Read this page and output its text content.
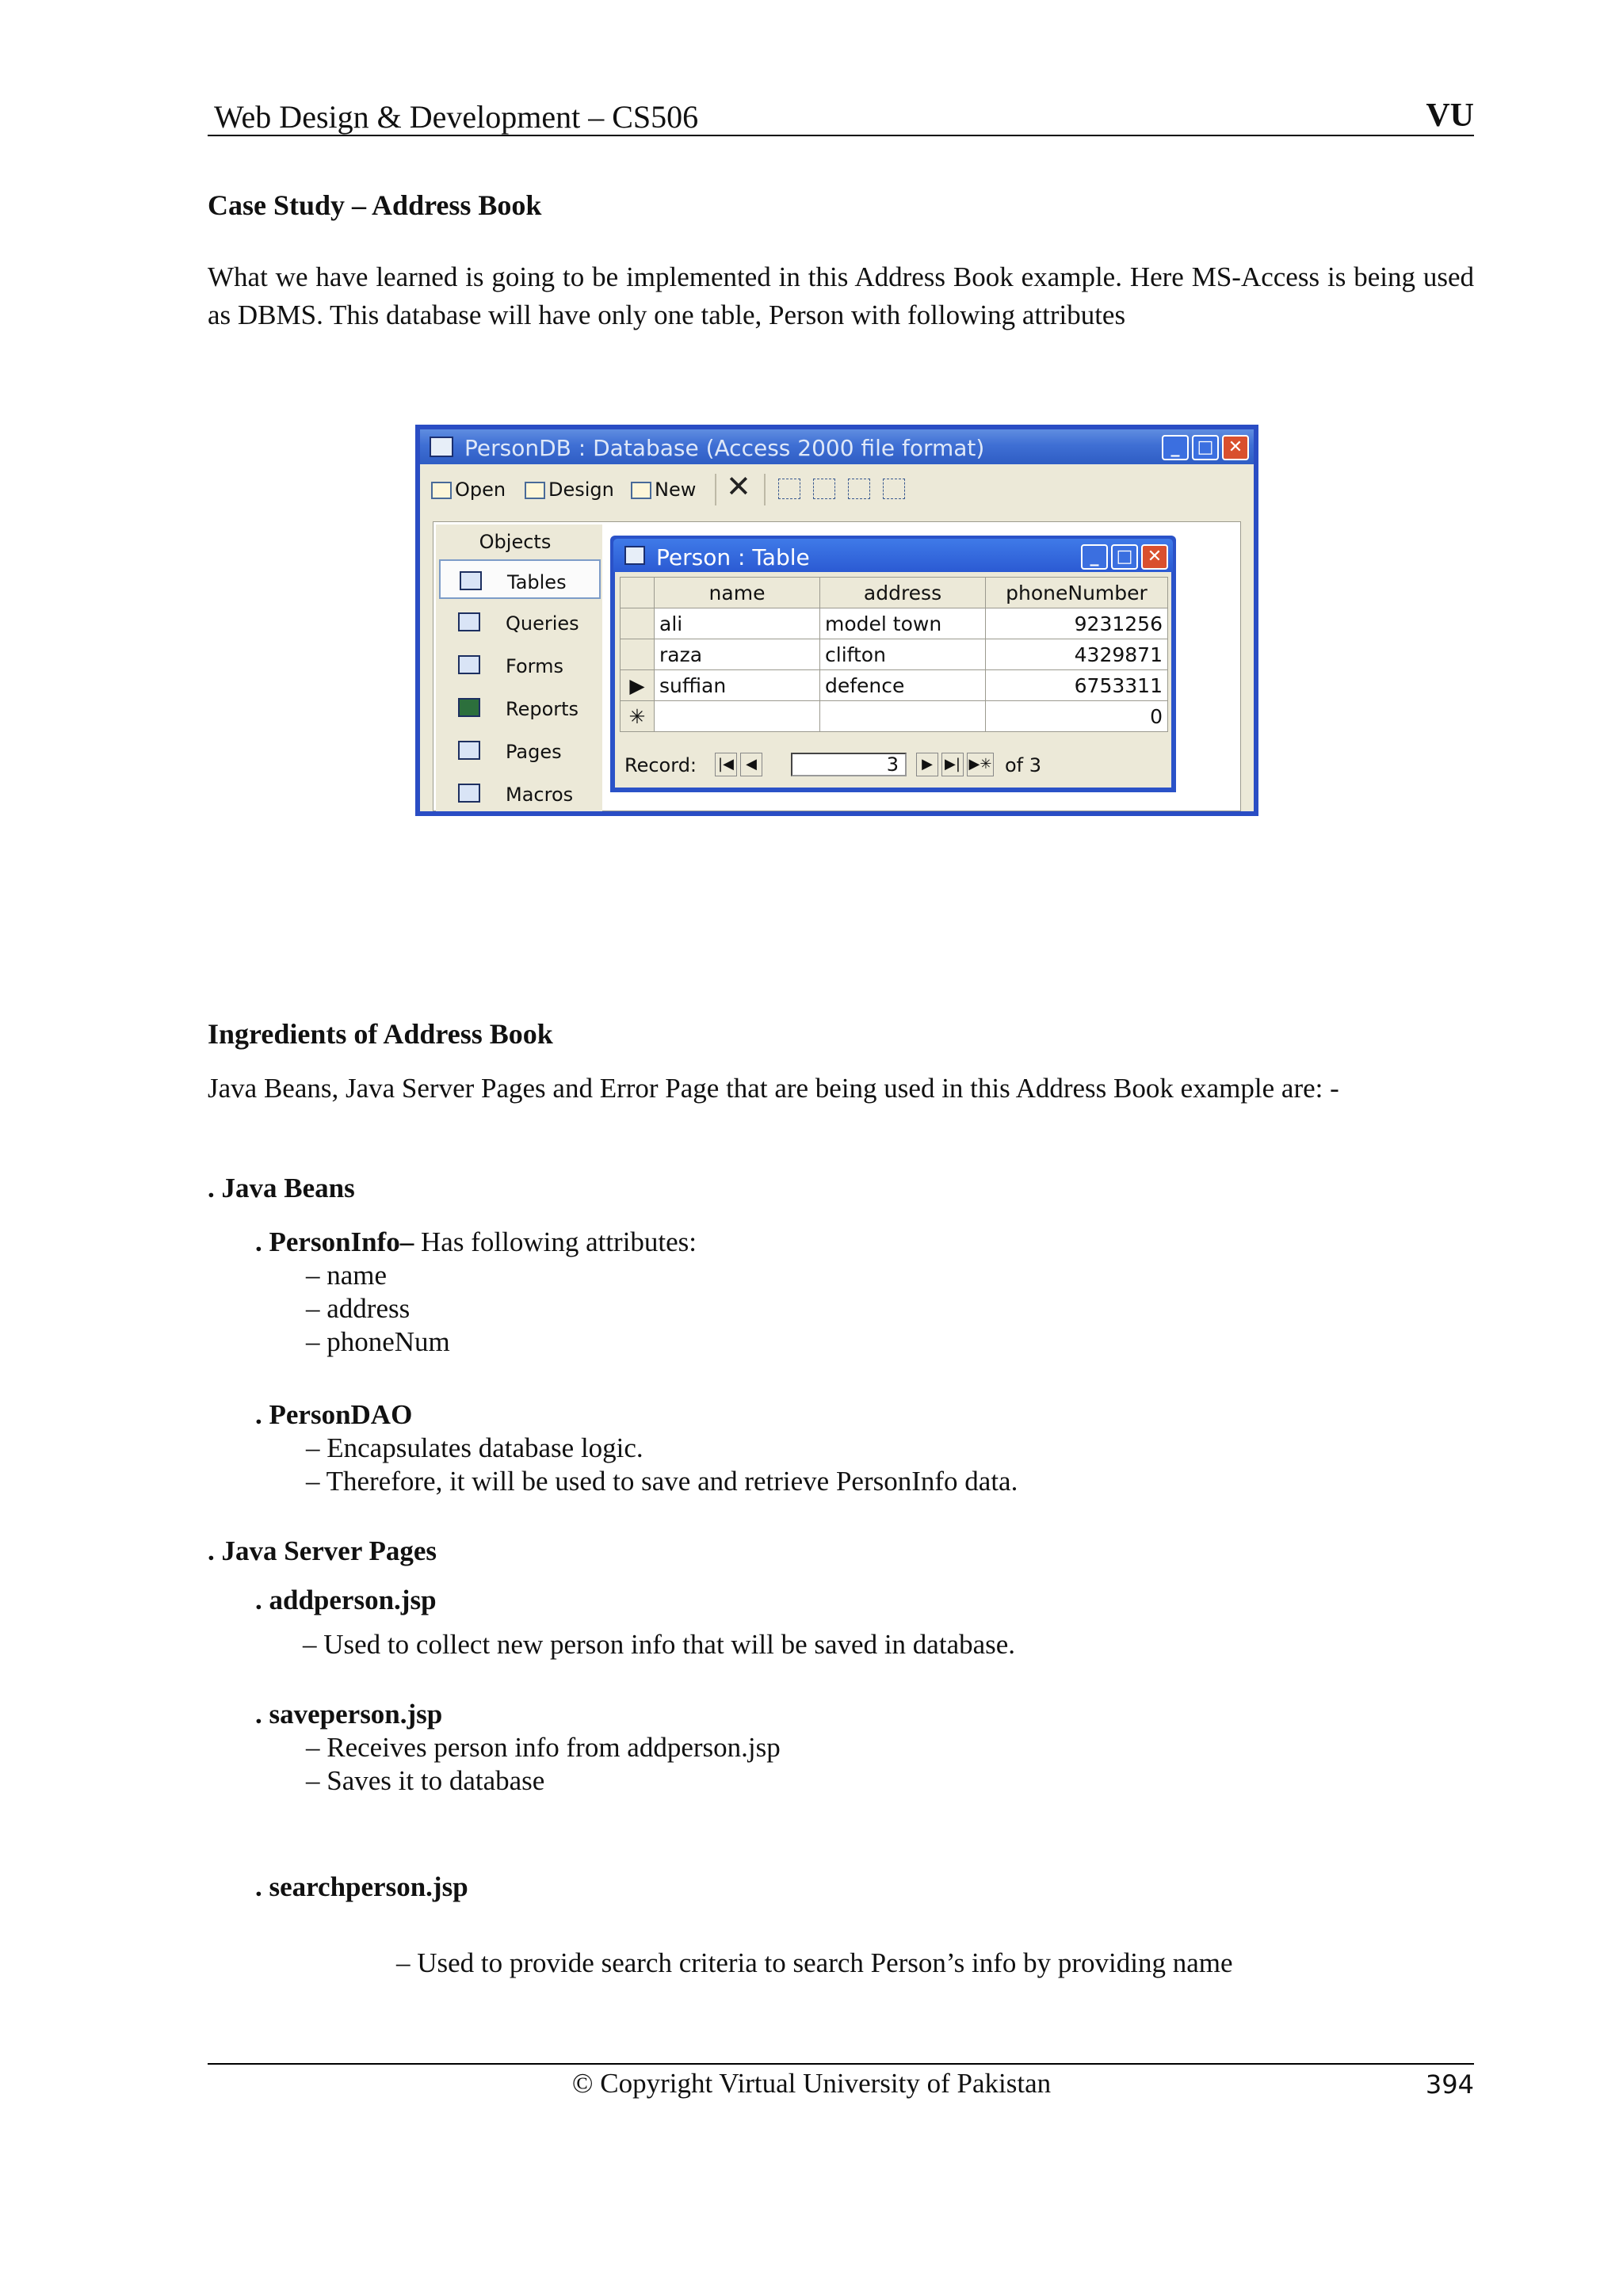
Web Design & Development – CS506	VU
Case Study – Address Book
What we have learned is going to be implemented in this Address Book example. Here MS-Access is being used as DBMS. This database will have only one table, Person with following attributes
PersonDB : Database (Access 2000 file format)	_	□ ✕
Open	Design	New ✕
Objects
Tables
Queries
Forms
Reports
Pages
Macros
Person : Table	_	□ ✕
	name	address	phoneNumber
	ali	model town	9231256
	raza	clifton	4329871
▶	suffian	defence	6753311
✳			0
Record: |◀ ◀	3	▶ ▶| ▶✳ of 3
Ingredients of Address Book
Java Beans, Java Server Pages and Error Page that are being used in this Address Book example are: -
. Java Beans
. PersonInfo– Has following attributes:
– name
– address
– phoneNum
. PersonDAO
– Encapsulates database logic.
– Therefore, it will be used to save and retrieve PersonInfo data.
. Java Server Pages
. addperson.jsp
– Used to collect new person info that will be saved in database.
. saveperson.jsp
– Receives person info from addperson.jsp
– Saves it to database
. searchperson.jsp
– Used to provide search criteria to search Person’s info by providing name
© Copyright Virtual University of Pakistan	394
